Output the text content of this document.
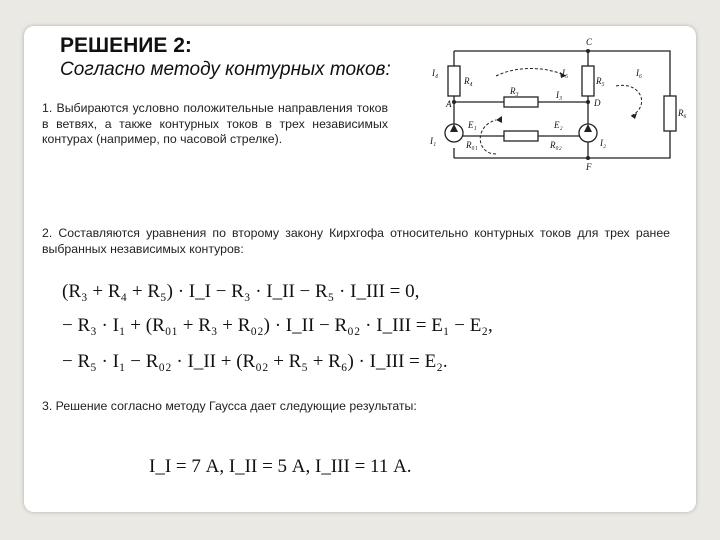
РЕШЕНИЕ 2:
Согласно методу контурных токов:
1. Выбираются условно положительные направления токов в ветвях, а также контурных токов в трех независимых контурах (например, по часовой стрелке).
2. Составляются уравнения по второму закону Кирхгофа относительно контурных токов для трех ранее выбранных независимых контуров:
(R₃ + R₄ + R₅) · I_I − R₃ · I_II − R₅ · I_III = 0,
− R₃ · I₁ + (R₀₁ + R₃ + R₀₂) · I_II − R₀₂ · I_III = E₁ − E₂,
− R₅ · I₁ − R₀₂ · I_II + (R₀₂ + R₅ + R₆) · I_III = E₂.
3. Решение согласно методу Гаусса дает следующие результаты:
I_I = 7 А, I_II = 5 А, I_III = 11 А.
C
A	D
F
R₄	R₅
R₆
R₃
R₀₁	R₀₂
E₁	E₂
I₁	I₂
I₃
I₄	I₅	I₆
